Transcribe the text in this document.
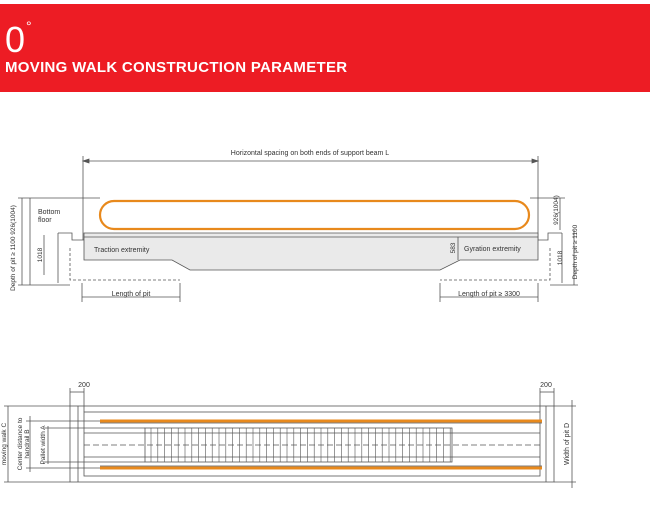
0°
MOVING WALK CONSTRUCTION PARAMETER
Horizontal spacing on both ends of support beam L
Bottom
floor
Traction extremity	Gyration extremity
583
1018	1018
Depth of pit ≥ 1100 926(1004)	926(1004)
Depth of pit ≥ 1100
Length of pit	Length of pit ≥ 3300
200	200
moving walk C Center distance to handrail B Pallet width A	Width of pit D
